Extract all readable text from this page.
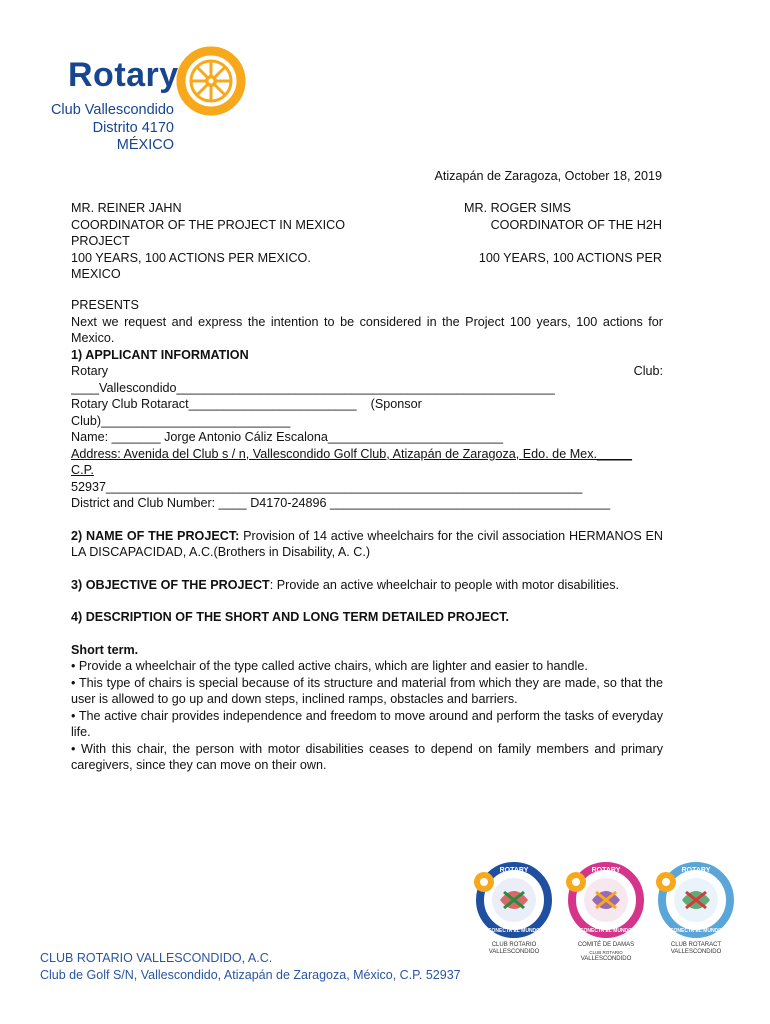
Rotary
Club Vallescondido
Distrito 4170
MÉXICO
Atizapán de Zaragoza, October 18, 2019
MR. REINER JAHN
COORDINATOR OF THE PROJECT IN MEXICO
PROJECT
100 YEARS, 100 ACTIONS PER MEXICO.
MEXICO
MR. ROGER SIMS
COORDINATOR OF THE H2H

100 YEARS, 100 ACTIONS PER
PRESENTS
Next we request and express the intention to be considered in the Project 100 years, 100 actions for Mexico.
1) APPLICANT INFORMATION
Rotary	Club:
____Vallescondido______________________________________________________
Rotary Club Rotaract________________________    (Sponsor
Club)___________________________
Name: _______ Jorge Antonio Cáliz Escalona_________________________
Address: Avenida del Club s / n, Vallescondido Golf Club, Atizapán de Zaragoza, Edo. de Mex._____
C.P.
52937____________________________________________________________________
District and Club Number: ____ D4170-24896 ________________________________________
2) NAME OF THE PROJECT: Provision of 14 active wheelchairs for the civil association HERMANOS EN LA DISCAPACIDAD, A.C.(Brothers in Disability, A. C.)
3) OBJECTIVE OF THE PROJECT: Provide an active wheelchair to people with motor disabilities.
4) DESCRIPTION OF THE SHORT AND LONG TERM DETAILED PROJECT.
Short term.
• Provide a wheelchair of the type called active chairs, which are lighter and easier to handle.
• This type of chairs is special because of its structure and material from which they are made, so that the user is allowed to go up and down steps, inclined ramps, obstacles and barriers.
• The active chair provides independence and freedom to move around and perform the tasks of everyday life.
• With this chair, the person with motor disabilities ceases to depend on family members and primary caregivers, since they can move on their own.
ROTARY
CONECTA EL MUNDO
CLUB ROTARIO
VALLESCONDIDO
ROTARY
CONECTA EL MUNDO
COMITÉ DE DAMAS
CLUB ROTARIO
VALLESCONDIDO
ROTARY
CONECTA EL MUNDO
CLUB ROTARACT
VALLESCONDIDO
CLUB ROTARIO VALLESCONDIDO, A.C.
Club de Golf S/N, Vallescondido, Atizapán de Zaragoza, México, C.P. 52937
